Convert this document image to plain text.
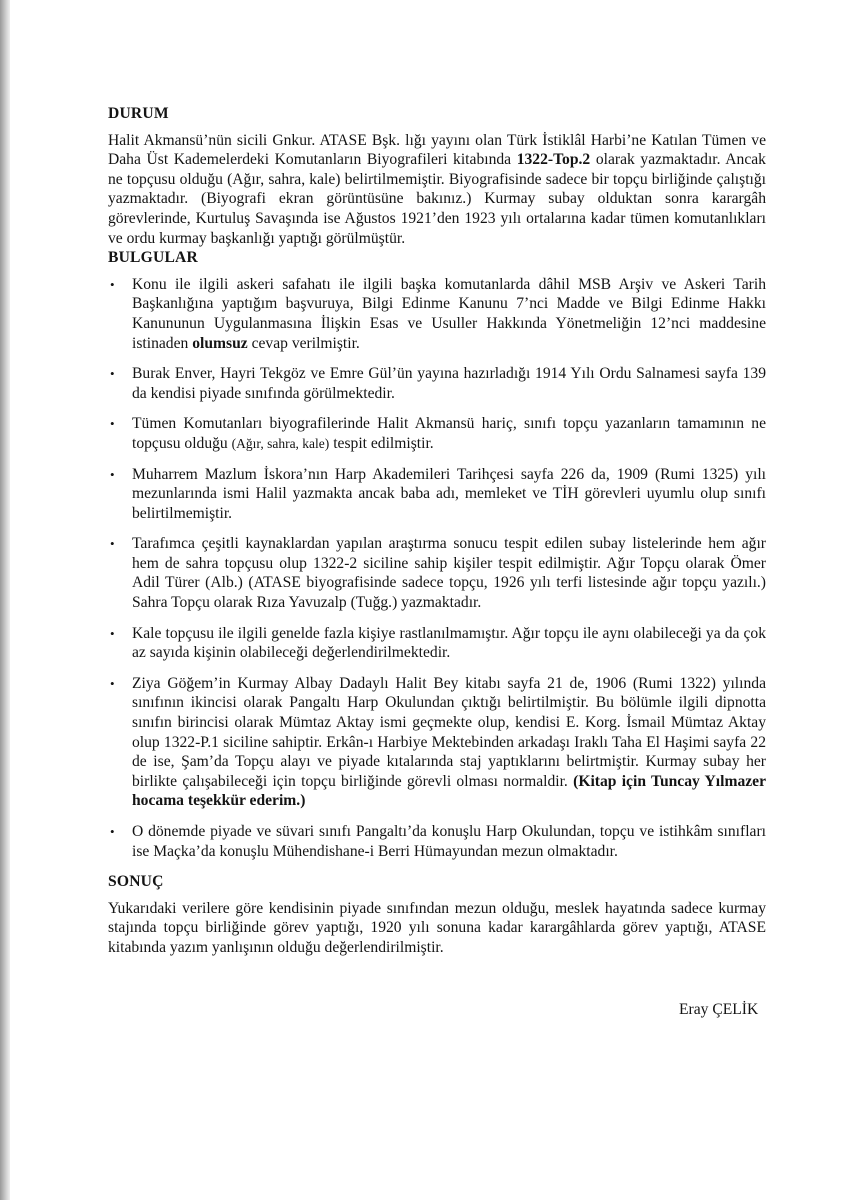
DURUM

Halit Akmansü’nün sicili Gnkur. ATASE Bşk. lığı yayını olan Türk İstiklâl Harbi’ne Katılan Tümen ve Daha Üst Kademelerdeki Komutanların Biyografileri kitabında 1322-Top.2 olarak yazmaktadır. Ancak ne topçusu olduğu (Ağır, sahra, kale) belirtilmemiştir. Biyografisinde sadece bir topçu birliğinde çalıştığı yazmaktadır. (Biyografi ekran görüntüsüne bakınız.) Kurmay subay olduktan sonra karargâh görevlerinde, Kurtuluş Savaşında ise Ağustos 1921’den 1923 yılı ortalarına kadar tümen komutanlıkları ve ordu kurmay başkanlığı yaptığı görülmüştür.

BULGULAR
• Konu ile ilgili askeri safahatı ile ilgili başka komutanlarda dâhil MSB Arşiv ve Askeri Tarih Başkanlığına yaptığım başvuruya, Bilgi Edinme Kanunu 7’nci Madde ve Bilgi Edinme Hakkı Kanununun Uygulanmasına İlişkin Esas ve Usuller Hakkında Yönetmeliğin 12’nci maddesine istinaden olumsuz cevap verilmiştir.
• Burak Enver, Hayri Tekgöz ve Emre Gül’ün yayına hazırladığı 1914 Yılı Ordu Salnamesi sayfa 139 da kendisi piyade sınıfında görülmektedir.
• Tümen Komutanları biyografilerinde Halit Akmansü hariç, sınıfı topçu yazanların tamamının ne topçusu olduğu (Ağır, sahra, kale) tespit edilmiştir.
• Muharrem Mazlum İskora’nın Harp Akademileri Tarihçesi sayfa 226 da, 1909 (Rumi 1325) yılı mezunlarında ismi Halil yazmakta ancak baba adı, memleket ve TİH görevleri uyumlu olup sınıfı belirtilmemiştir.
• Tarafımca çeşitli kaynaklardan yapılan araştırma sonucu tespit edilen subay listelerinde hem ağır hem de sahra topçusu olup 1322-2 siciline sahip kişiler tespit edilmiştir. Ağır Topçu olarak Ömer Adil Türer (Alb.) (ATASE biyografisinde sadece topçu, 1926 yılı terfi listesinde ağır topçu yazılı.) Sahra Topçu olarak Rıza Yavuzalp (Tuğg.) yazmaktadır.
• Kale topçusu ile ilgili genelde fazla kişiye rastlanılmamıştır. Ağır topçu ile aynı olabileceği ya da çok az sayıda kişinin olabileceği değerlendirilmektedir.
• Ziya Göğem’in Kurmay Albay Dadaylı Halit Bey kitabı sayfa 21 de, 1906 (Rumi 1322) yılında sınıfının ikincisi olarak Pangaltı Harp Okulundan çıktığı belirtilmiştir. Bu bölümle ilgili dipnotta sınıfın birincisi olarak Mümtaz Aktay ismi geçmekte olup, kendisi E. Korg. İsmail Mümtaz Aktay olup 1322-P.1 siciline sahiptir. Erkân-ı Harbiye Mektebinden arkadaşı Iraklı Taha El Haşimi sayfa 22 de ise, Şam’da Topçu alayı ve piyade kıtalarında staj yaptıklarını belirtmiştir. Kurmay subay her birlikte çalışabileceği için topçu birliğinde görevli olması normaldir. (Kitap için Tuncay Yılmazer hocama teşekkür ederim.)
• O dönemde piyade ve süvari sınıfı Pangaltı’da konuşlu Harp Okulundan, topçu ve istihkâm sınıfları ise Maçka’da konuşlu Mühendishane-i Berri Hümayundan mezun olmaktadır.
SONUÇ

Yukarıdaki verilere göre kendisinin piyade sınıfından mezun olduğu, meslek hayatında sadece kurmay stajında topçu birliğinde görev yaptığı, 1920 yılı sonuna kadar karargâhlarda görev yaptığı, ATASE kitabında yazım yanlışının olduğu değerlendirilmiştir.

Eray ÇELİK
